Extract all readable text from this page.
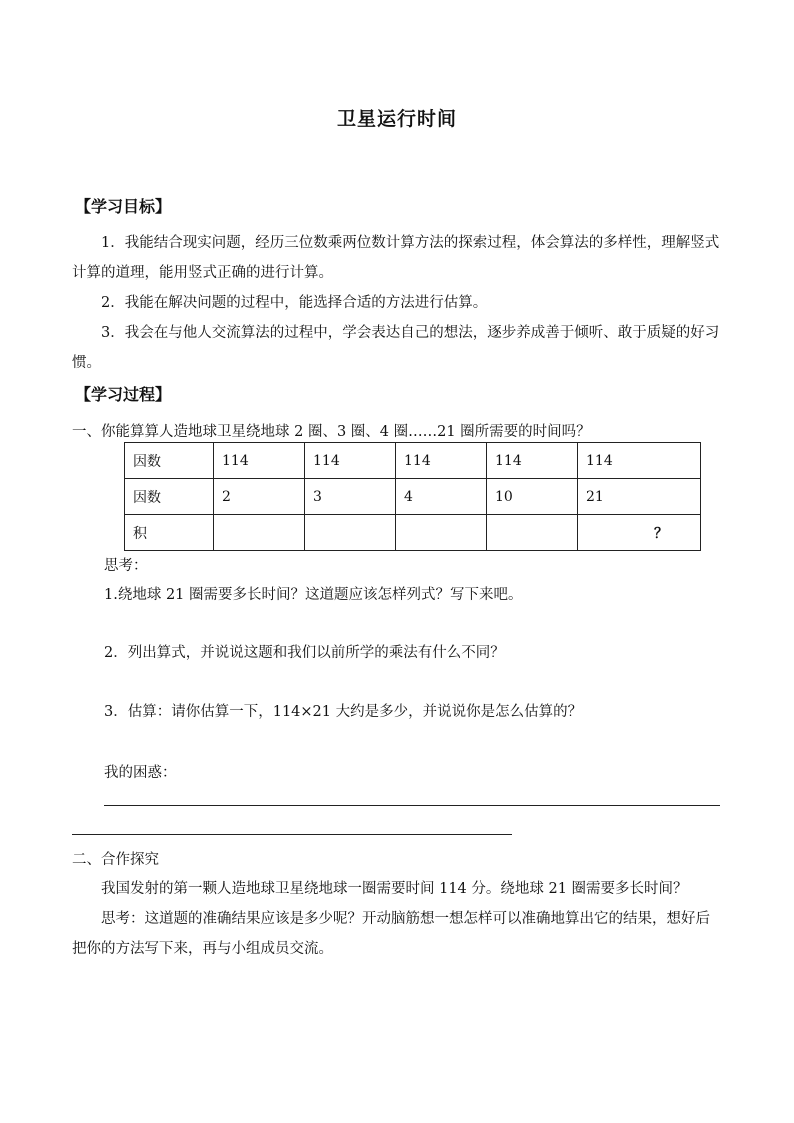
卫星运行时间
【学习目标】
1．我能结合现实问题，经历三位数乘两位数计算方法的探索过程，体会算法的多样性，理解竖式计算的道理，能用竖式正确的进行计算。
2．我能在解决问题的过程中，能选择合适的方法进行估算。
3．我会在与他人交流算法的过程中，学会表达自己的想法，逐步养成善于倾听、敢于质疑的好习惯。
【学习过程】
一、你能算算人造地球卫星绕地球 2 圈、3 圈、4 圈……21 圈所需要的时间吗？
因数	114	114	114	114	114
因数	2	3	4	10	21
积					？
思考：
1.绕地球 21 圈需要多长时间？这道题应该怎样列式？写下来吧。
2．列出算式，并说说这题和我们以前所学的乘法有什么不同？
3．估算：请你估算一下，114×21 大约是多少，并说说你是怎么估算的？
我的困惑：
二、合作探究
我国发射的第一颗人造地球卫星绕地球一圈需要时间 114 分。绕地球 21 圈需要多长时间？
思考：这道题的准确结果应该是多少呢？开动脑筋想一想怎样可以准确地算出它的结果，想好后把你的方法写下来，再与小组成员交流。
